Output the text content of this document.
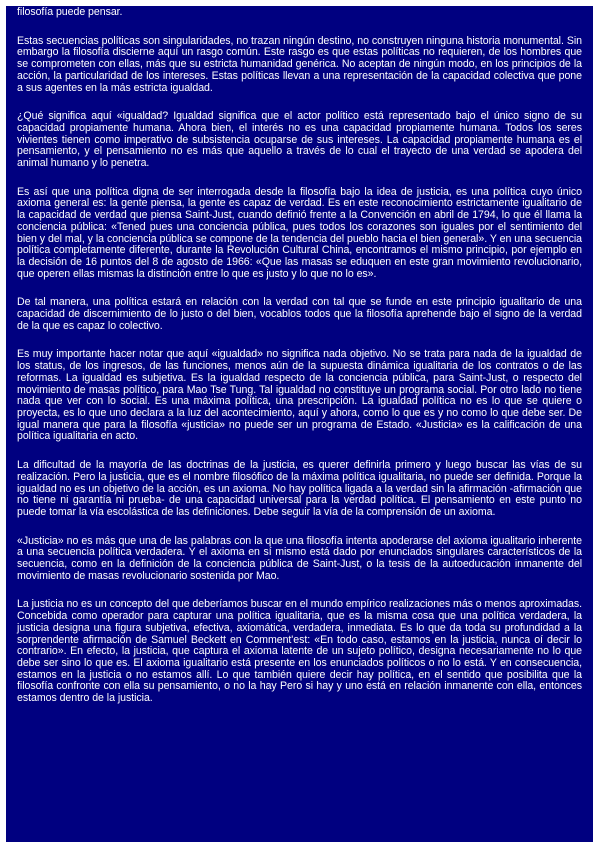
filosofía puede pensar.

Estas secuencias políticas son singularidades, no trazan ningún destino, no construyen ninguna historia monumental. Sin embargo la filosofía discierne aquí un rasgo común. Este rasgo es que estas políticas no requieren, de los hombres que se comprometen con ellas, más que su estricta humanidad genérica. No aceptan de ningún modo, en los principios de la acción, la particularidad de los intereses. Estas políticas llevan a una representación de la capacidad colectiva que pone a sus agentes en la más estricta igualdad.

¿Qué significa aquí «igualdad? Igualdad significa que el actor político está representado bajo el único signo de su capacidad propiamente humana. Ahora bien, el interés no es una capacidad propiamente humana. Todos los seres vivientes tienen como imperativo de subsistencia ocuparse de sus intereses. La capacidad propiamente humana es el pensamiento, y el pensamiento no es más que aquello a través de lo cual el trayecto de una verdad se apodera del animal humano y lo penetra.

Es así que una política digna de ser interrogada desde la filosofía bajo la idea de justicia, es una política cuyo único axioma general es: la gente piensa, la gente es capaz de verdad. Es en este reconocimiento estrictamente igualitario de la capacidad de verdad que piensa Saint-Just, cuando definió frente a la Convención en abril de 1794, lo que él llama la conciencia pública: «Tened pues una conciencia pública, pues todos los corazones son iguales por el sentimiento del bien y del mal, y la conciencia pública se compone de la tendencia del pueblo hacia el bien general». Y en una secuencia política completamente diferente, durante la Revolución Cultural China, encontramos el mismo principio, por ejemplo en la decisión de 16 puntos del 8 de agosto de 1966: «Que las masas se eduquen en este gran movimiento revolucionario, que operen ellas mismas la distinción entre lo que es justo y lo que no lo es».

De tal manera, una política estará en relación con la verdad con tal que se funde en este principio igualitario de una capacidad de discernimiento de lo justo o del bien, vocablos todos que la filosofía aprehende bajo el signo de la verdad de la que es capaz lo colectivo.

Es muy importante hacer notar que aquí «igualdad» no significa nada objetivo. No se trata para nada de la igualdad de los status, de los ingresos, de las funciones, menos aún de la supuesta dinámica igualitaria de los contratos o de las reformas. La igualdad es subjetiva. Es la igualdad respecto de la conciencia pública, para Saint-Just, o respecto del movimiento de masas político, para Mao Tse Tung. Tal igualdad no constituye un programa social. Por otro lado no tiene nada que ver con lo social. Es una máxima política, una prescripción. La igualdad política no es lo que se quiere o proyecta, es lo que uno declara a la luz del acontecimiento, aquí y ahora, como lo que es y no como lo que debe ser. De igual manera que para la filosofía «justicia» no puede ser un programa de Estado. «Justicia» es la calificación de una política igualitaria en acto.

La dificultad de la mayoría de las doctrinas de la justicia, es querer definirla primero y luego buscar las vías de su realización. Pero la justicia, que es el nombre filosófico de la máxima política igualitaria, no puede ser definida. Porque la igualdad no es un objetivo de la acción, es un axioma. No hay política ligada a la verdad sin la afirmación -afirmación que no tiene ni garantía ni prueba- de una capacidad universal para la verdad política. El pensamiento en este punto no puede tomar la vía escolástica de las definiciones. Debe seguir la vía de la comprensión de un axioma.

«Justicia» no es más que una de las palabras con la que una filosofía intenta apoderarse del axioma igualitario inherente a una secuencia política verdadera. Y el axioma en sí mismo está dado por enunciados singulares característicos de la secuencia, como en la definición de la conciencia pública de Saint-Just, o la tesis de la autoeducación inmanente del movimiento de masas revolucionario sostenida por Mao.

La justicia no es un concepto del que deberíamos buscar en el mundo empírico realizaciones más o menos aproximadas. Concebida como operador para capturar una política igualitaria, que es la misma cosa que una política verdadera, la justicia designa una figura subjetiva, efectiva, axiomática, verdadera, inmediata. Es lo que da toda su profundidad a la sorprendente afirmación de Samuel Beckett en Comment'est: «En todo caso, estamos en la justicia, nunca oí decir lo contrario». En efecto, la justicia, que captura el axioma latente de un sujeto político, designa necesariamente no lo que debe ser sino lo que es. El axioma igualitario está presente en los enunciados políticos o no lo está. Y en consecuencia, estamos en la justicia o no estamos allí. Lo que también quiere decir hay política, en el sentido que posibilita que la filosofía confronte con ella su pensamiento, o no la hay Pero si hay y uno está en relación inmanente con ella, entonces estamos dentro de la justicia.
